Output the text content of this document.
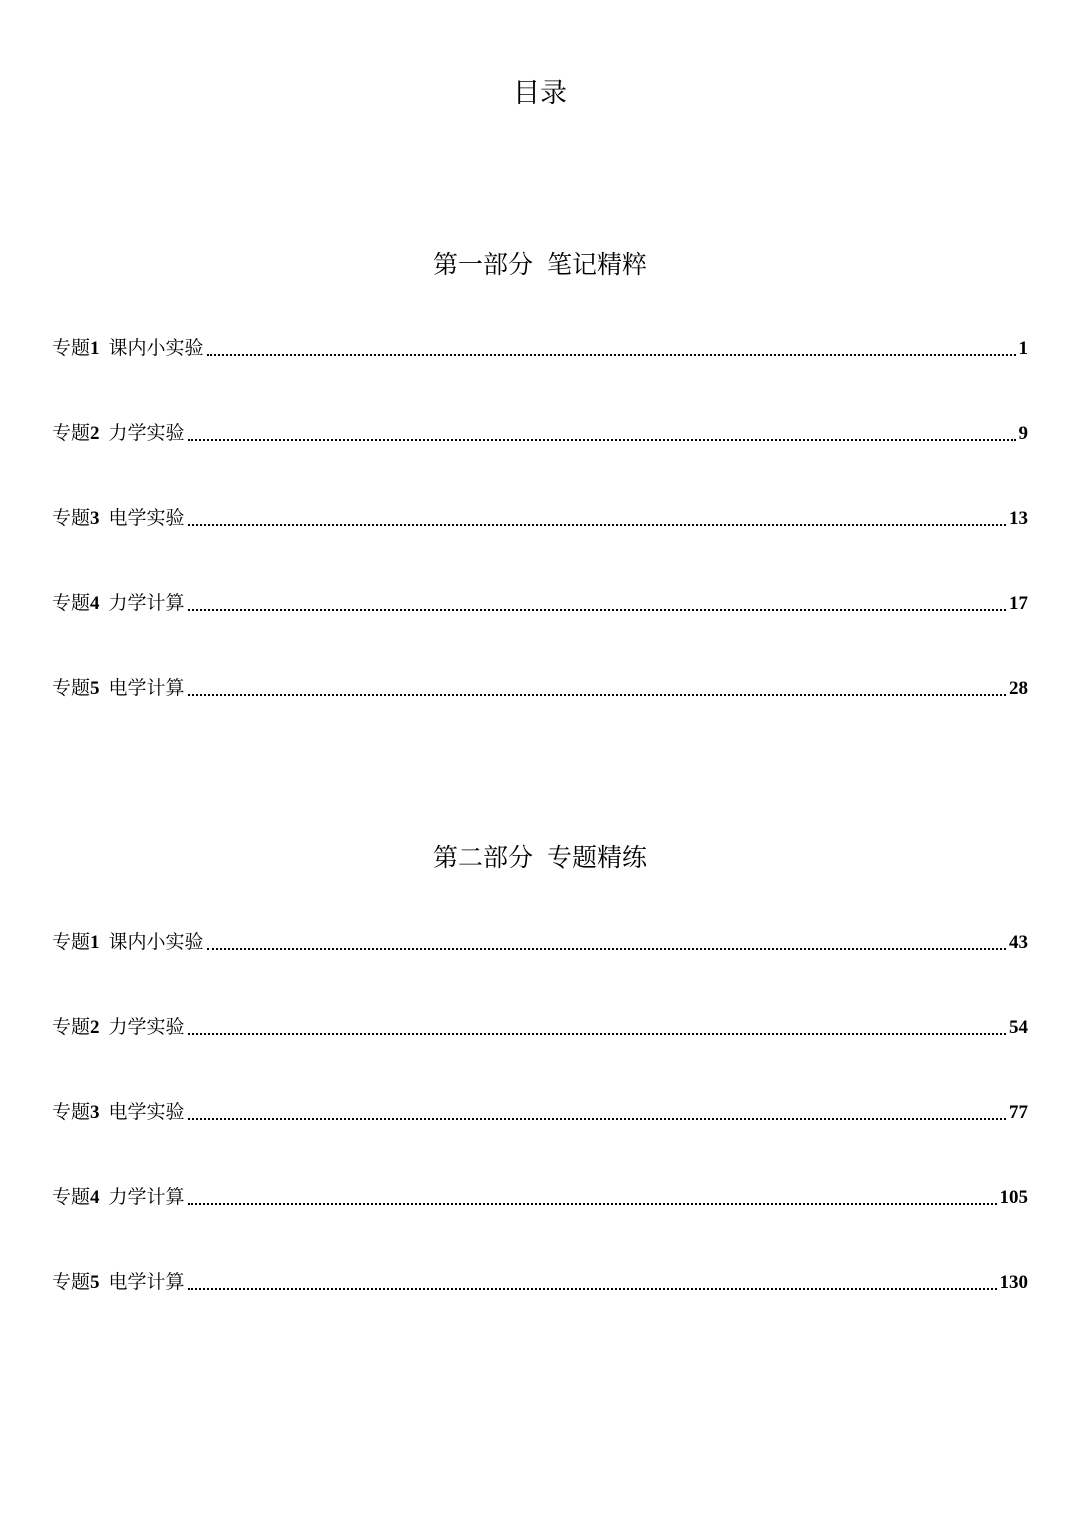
目录
第一部分 笔记精粹
专题1 课内小实验	1
专题2 力学实验	9
专题3 电学实验	13
专题4 力学计算	17
专题5 电学计算	28
第二部分 专题精练
专题1 课内小实验	43
专题2 力学实验	54
专题3 电学实验	77
专题4 力学计算	105
专题5 电学计算	130
